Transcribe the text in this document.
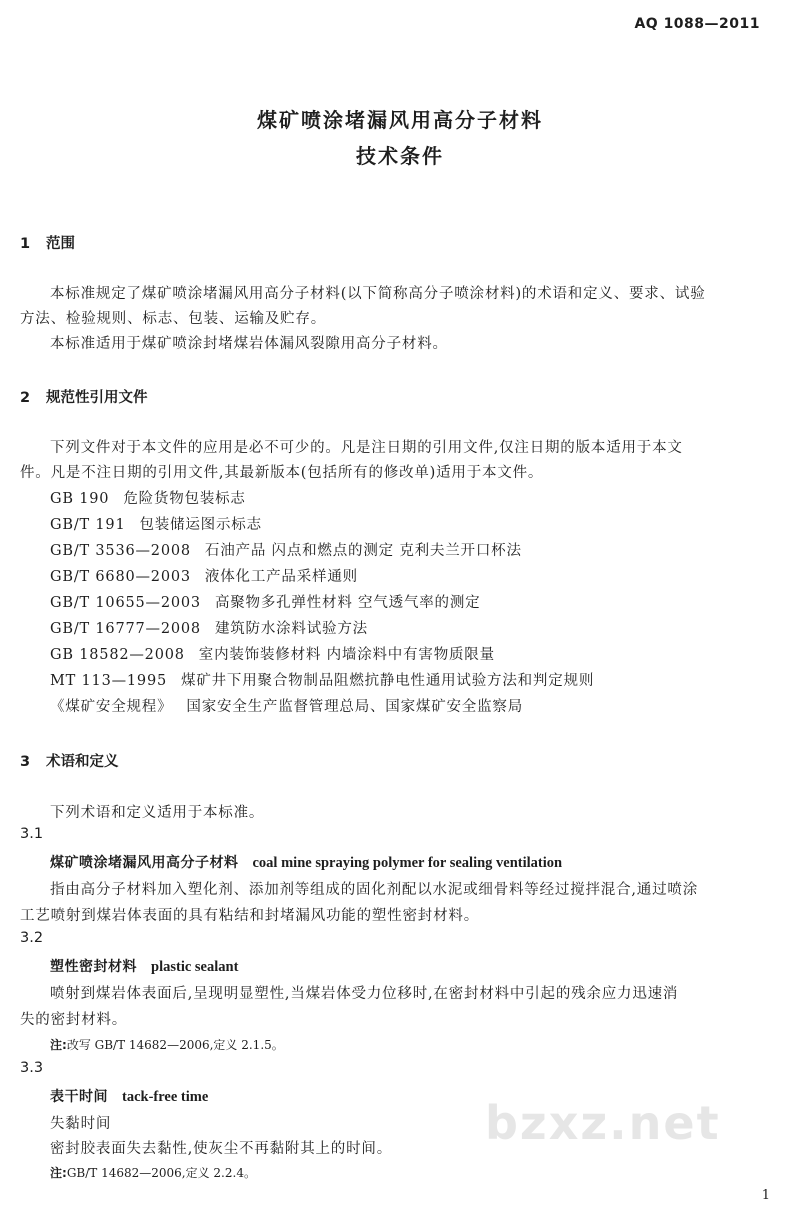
AQ 1088—2011
煤矿喷涂堵漏风用高分子材料
技术条件
1 范围
本标准规定了煤矿喷涂堵漏风用高分子材料(以下简称高分子喷涂材料)的术语和定义、要求、试验
方法、检验规则、标志、包装、运输及贮存。
本标准适用于煤矿喷涂封堵煤岩体漏风裂隙用高分子材料。
2 规范性引用文件
下列文件对于本文件的应用是必不可少的。凡是注日期的引用文件,仅注日期的版本适用于本文
件。凡是不注日期的引用文件,其最新版本(包括所有的修改单)适用于本文件。
GB 190 危险货物包装标志
GB/T 191 包装储运图示标志
GB/T 3536—2008 石油产品 闪点和燃点的测定 克利夫兰开口杯法
GB/T 6680—2003 液体化工产品采样通则
GB/T 10655—2003 高聚物多孔弹性材料 空气透气率的测定
GB/T 16777—2008 建筑防水涂料试验方法
GB 18582—2008 室内装饰装修材料 内墙涂料中有害物质限量
MT 113—1995 煤矿井下用聚合物制品阻燃抗静电性通用试验方法和判定规则
《煤矿安全规程》 国家安全生产监督管理总局、国家煤矿安全监察局
3 术语和定义
下列术语和定义适用于本标准。
3.1
煤矿喷涂堵漏风用高分子材料 coal mine spraying polymer for sealing ventilation
指由高分子材料加入塑化剂、添加剂等组成的固化剂配以水泥或细骨料等经过搅拌混合,通过喷涂
工艺喷射到煤岩体表面的具有粘结和封堵漏风功能的塑性密封材料。
3.2
塑性密封材料 plastic sealant
喷射到煤岩体表面后,呈现明显塑性,当煤岩体受力位移时,在密封材料中引起的残余应力迅速消
失的密封材料。
注:改写 GB/T 14682—2006,定义 2.1.5。
3.3
表干时间 tack-free time
失黏时间
密封胶表面失去黏性,使灰尘不再黏附其上的时间。
注:GB/T 14682—2006,定义 2.2.4。
bzxz.net
1
